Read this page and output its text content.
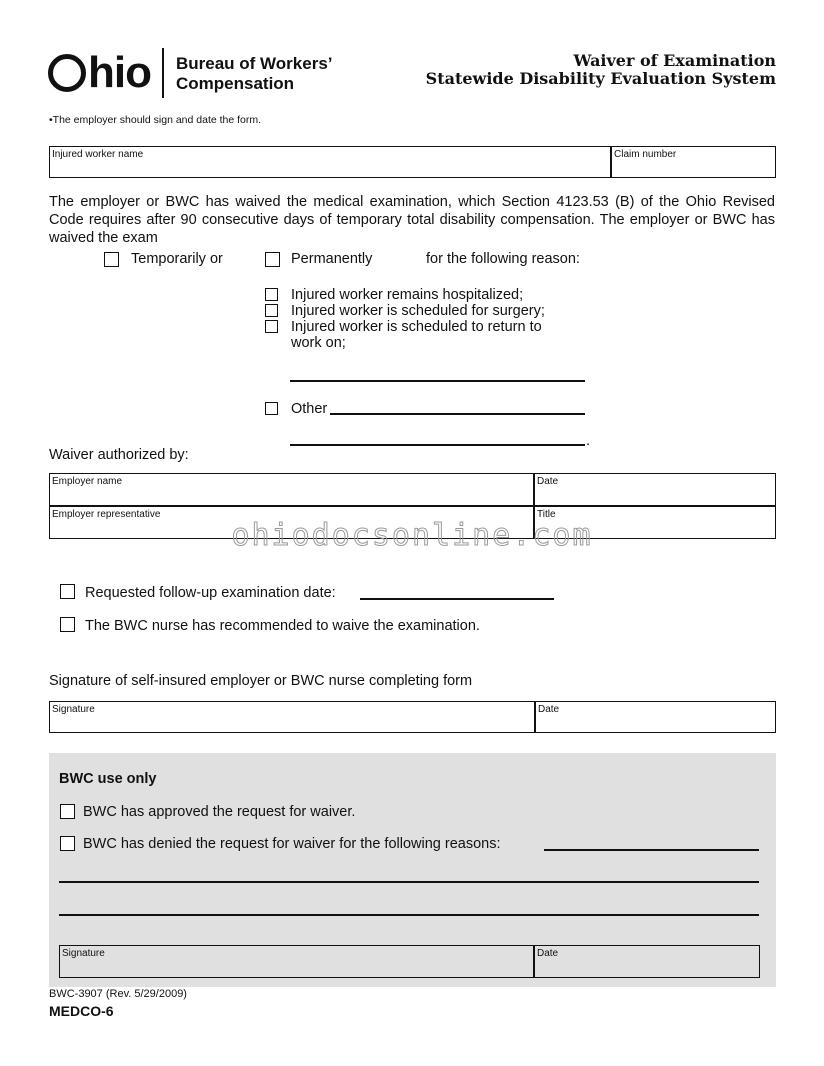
hio Bureau of Workers’
Compensation
Waiver of Examination
Statewide Disability Evaluation System
•The employer should sign and date the form.
Injured worker name	Claim number
The employer or BWC has waived the medical examination, which Section 4123.53 (B) of the Ohio Revised Code requires after 90 consecutive days of temporary total disability compensation. The employer or BWC has waived the exam
Temporarily or	Permanently	for the following reason:
Injured worker remains hospitalized;
Injured worker is scheduled for surgery;
Injured worker is scheduled to return to
work on;
Other
.
Waiver authorized by:
Employer name	Date
Employer representative	Title
ohiodocsonline.com
Requested follow-up examination date:
The BWC nurse has recommended to waive the examination.
Signature of self-insured employer or BWC nurse completing form
Signature	Date
BWC use only
BWC has approved the request for waiver.
BWC has denied the request for waiver for the following reasons:
Signature	Date
BWC-3907 (Rev. 5/29/2009)
MEDCO-6
